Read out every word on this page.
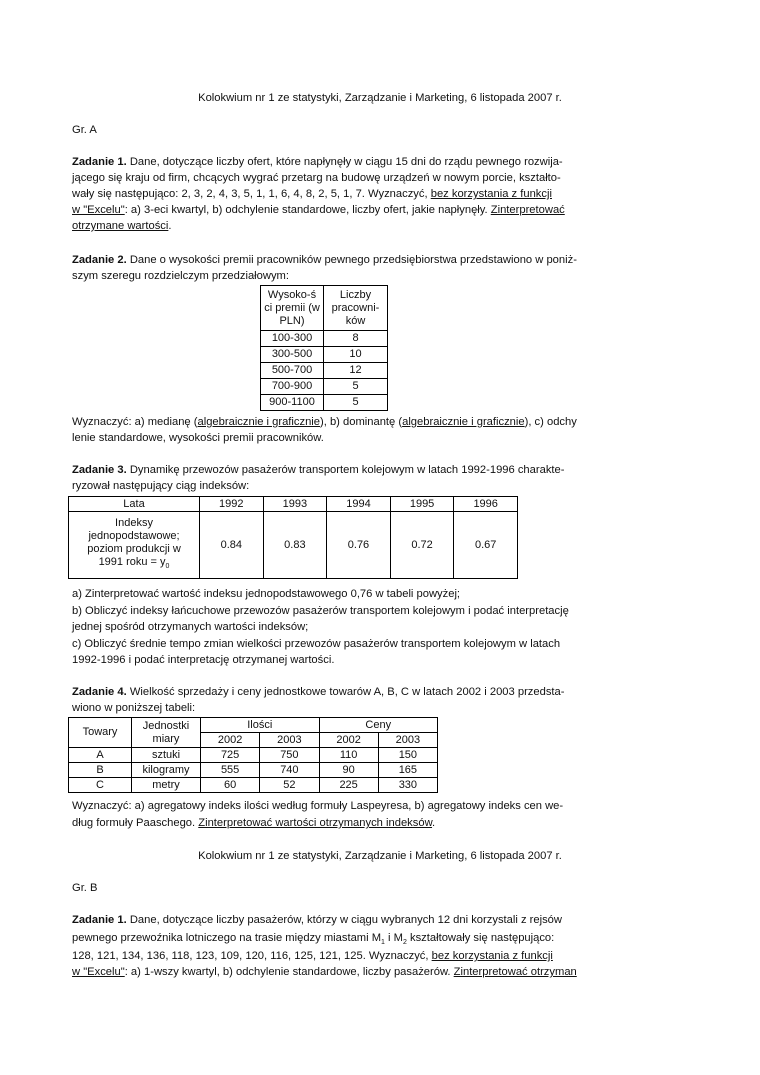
Kolokwium nr 1 ze statystyki, Zarządzanie i Marketing, 6 listopada 2007 r.
Gr. A
Zadanie 1. Dane, dotyczące liczby ofert, które napłynęły w ciągu 15 dni do rządu pewnego rozwija-
jącego się kraju od firm, chcących wygrać przetarg na budowę urządzeń w nowym porcie, kształto-
wały się następująco: 2, 3, 2, 4, 3, 5, 1, 1, 6, 4, 8, 2, 5, 1, 7. Wyznaczyć, bez korzystania z funkcji
w "Excelu": a) 3-eci kwartyl, b) odchylenie standardowe, liczby ofert, jakie napłynęły. Zinterpretować
otrzymane wartości.
Zadanie 2. Dane o wysokości premii pracowników pewnego przedsiębiorstwa przedstawiono w poniż-
szym szeregu rozdzielczym przedziałowym:
Wysoko-ś ci premii (w PLN)	Liczby pracowni-ków
100-300	8
300-500	10
500-700	12
700-900	5
900-1100	5
Wyznaczyć: a) medianę (algebraicznie i graficznie), b) dominantę (algebraicznie i graficznie), c) odchy
lenie standardowe, wysokości premii pracowników.
Zadanie 3. Dynamikę przewozów pasażerów transportem kolejowym w latach 1992-1996 charakte-
ryzował następujący ciąg indeksów:
Lata	1992	1993	1994	1995	1996
Indeksy jednopodstawowe; poziom produkcji w 1991 roku = $y_0$	0.84	0.83	0.76	0.72	0.67
a) Zinterpretować wartość indeksu jednopodstawowego 0,76 w tabeli powyżej;
b) Obliczyć indeksy łańcuchowe przewozów pasażerów transportem kolejowym i podać interpretację
jednej spośród otrzymanych wartości indeksów;
c) Obliczyć średnie tempo zmian wielkości przewozów pasażerów transportem kolejowym w latach
1992-1996 i podać interpretację otrzymanej wartości.
Zadanie 4. Wielkość sprzedaży i ceny jednostkowe towarów A, B, C w latach 2002 i 2003 przedsta-
wiono w poniższej tabeli:
Towary	Jednostki miary	Ilości		Ceny	
		2002	2003	2002	2003
A	sztuki	725	750	110	150
B	kilogramy	555	740	90	165
C	metry	60	52	225	330
Wyznaczyć: a) agregatowy indeks ilości według formuły Laspeyresa, b) agregatowy indeks cen we-
dług formuły Paaschego. Zinterpretować wartości otrzymanych indeksów.
Kolokwium nr 1 ze statystyki, Zarządzanie i Marketing, 6 listopada 2007 r.
Gr. B
Zadanie 1. Dane, dotyczące liczby pasażerów, którzy w ciągu wybranych 12 dni korzystali z rejsów
pewnego przewoźnika lotniczego na trasie między miastami $M_1$ i $M_2$ kształtowały się następująco:
128, 121, 134, 136, 118, 123, 109, 120, 116, 125, 121, 125. Wyznaczyć, bez korzystania z funkcji
w "Excelu": a) 1-wszy kwartyl, b) odchylenie standardowe, liczby pasażerów. Zinterpretować otrzyman
